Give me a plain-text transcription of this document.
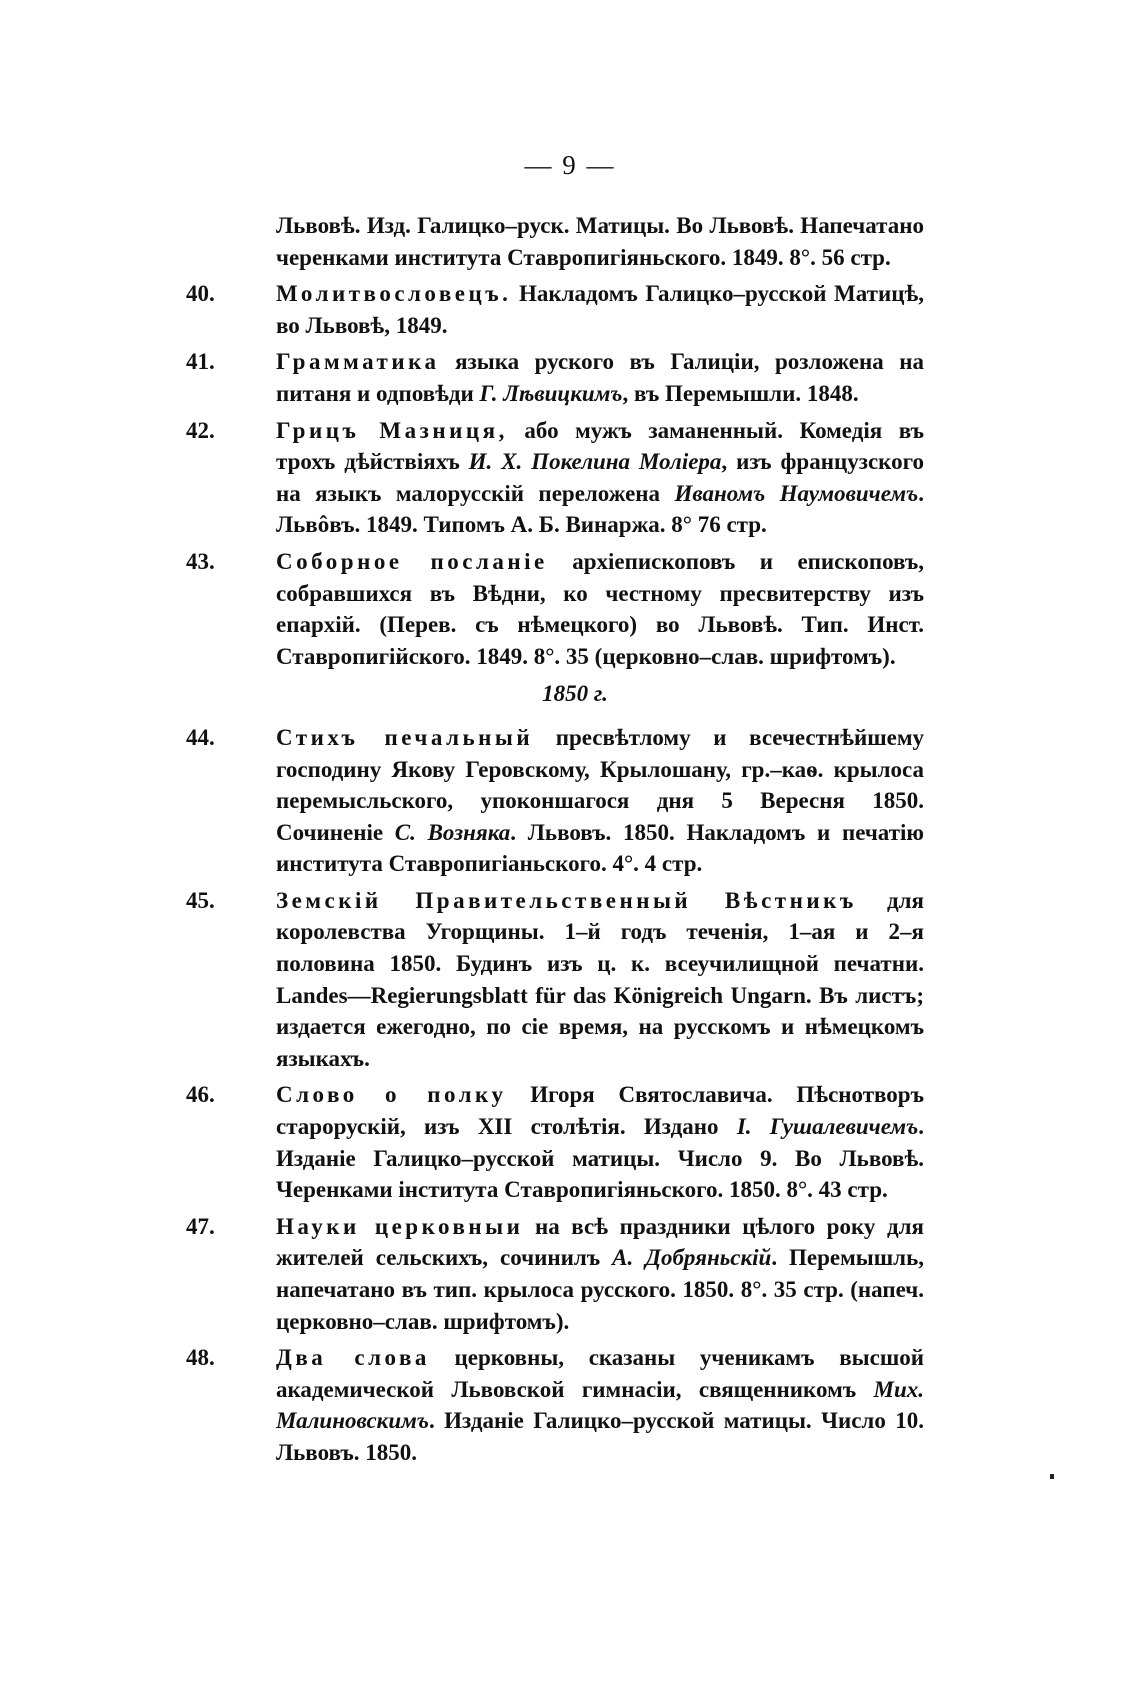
— 9 —
Львовѣ. Изд. Галицко–руск. Матицы. Во Львовѣ. Напечатано черенками института Ставропигіяньского. 1849. 8°. 56 стр.
40.	Молитвословецъ. Накладомъ Галицко–русской Матицѣ, во Львовѣ, 1849.
41.	Грамматика языка руского въ Галиціи, розложена на питаня и одповѣди Г. Лѣвицкимъ, въ Перемышли. 1848.
42.	Грицъ Мазниця, або мужъ заманенный. Комедія въ трохъ дѣйствіяхъ И. Х. Покелина Моліера, изъ французского на языкъ малорусскій переложена Иваномъ Наумовичемъ. Львôвъ. 1849. Типомъ А. Б. Винаржа. 8° 76 стр.
43.	Соборное посланіе архіепископовъ и епископовъ, собравшихся въ Вѣдни, ко честному пресвитерству изъ епархій. (Перев. съ нѣмецкого) во Львовѣ. Тип. Инст. Ставропигійского. 1849. 8°. 35 (церковно–слав. шрифтомъ).
1850 г.
44.	Стихъ печальный пресвѣтлому и всечестнѣйшему господину Якову Геровскому, Крылошану, гр.–каѳ. крылоса перемысльского, упоконшагося дня 5 Вересня 1850. Сочиненіе С. Возняка. Львовъ. 1850. Накладомъ и печатію института Ставропигіаньского. 4°. 4 стр.
45.	Земскій Правительственный Вѣстникъ для королевства Угорщины. 1–й годъ теченія, 1–ая и 2–я половина 1850. Будинъ изъ ц. к. всеучилищной печатни. Landes—Regierungsblatt für das Königreich Ungarn. Въ листъ; издается ежегодно, по сіе время, на русскомъ и нѣмецкомъ языкахъ.
46.	Слово о полку Игоря Святославича. Пѣснотворъ старорускій, изъ XII столѣтія. Издано І. Гушалевичемъ. Изданіе Галицко–русской матицы. Число 9. Во Львовѣ. Черенками інститута Ставропигіяньского. 1850. 8°. 43 стр.
47.	Науки церковныи на всѣ праздники цѣлого року для жителей сельскихъ, сочинилъ А. Добряньскій. Перемышль, напечатано въ тип. крылоса русского. 1850. 8°. 35 стр. (напеч. церковно–слав. шрифтомъ).
48.	Два слова церковны, сказаны ученикамъ высшой академической Львовской гимнасіи, священникомъ Мих. Малиновскимъ. Изданіе Галицко–русской матицы. Число 10. Львовъ. 1850.
